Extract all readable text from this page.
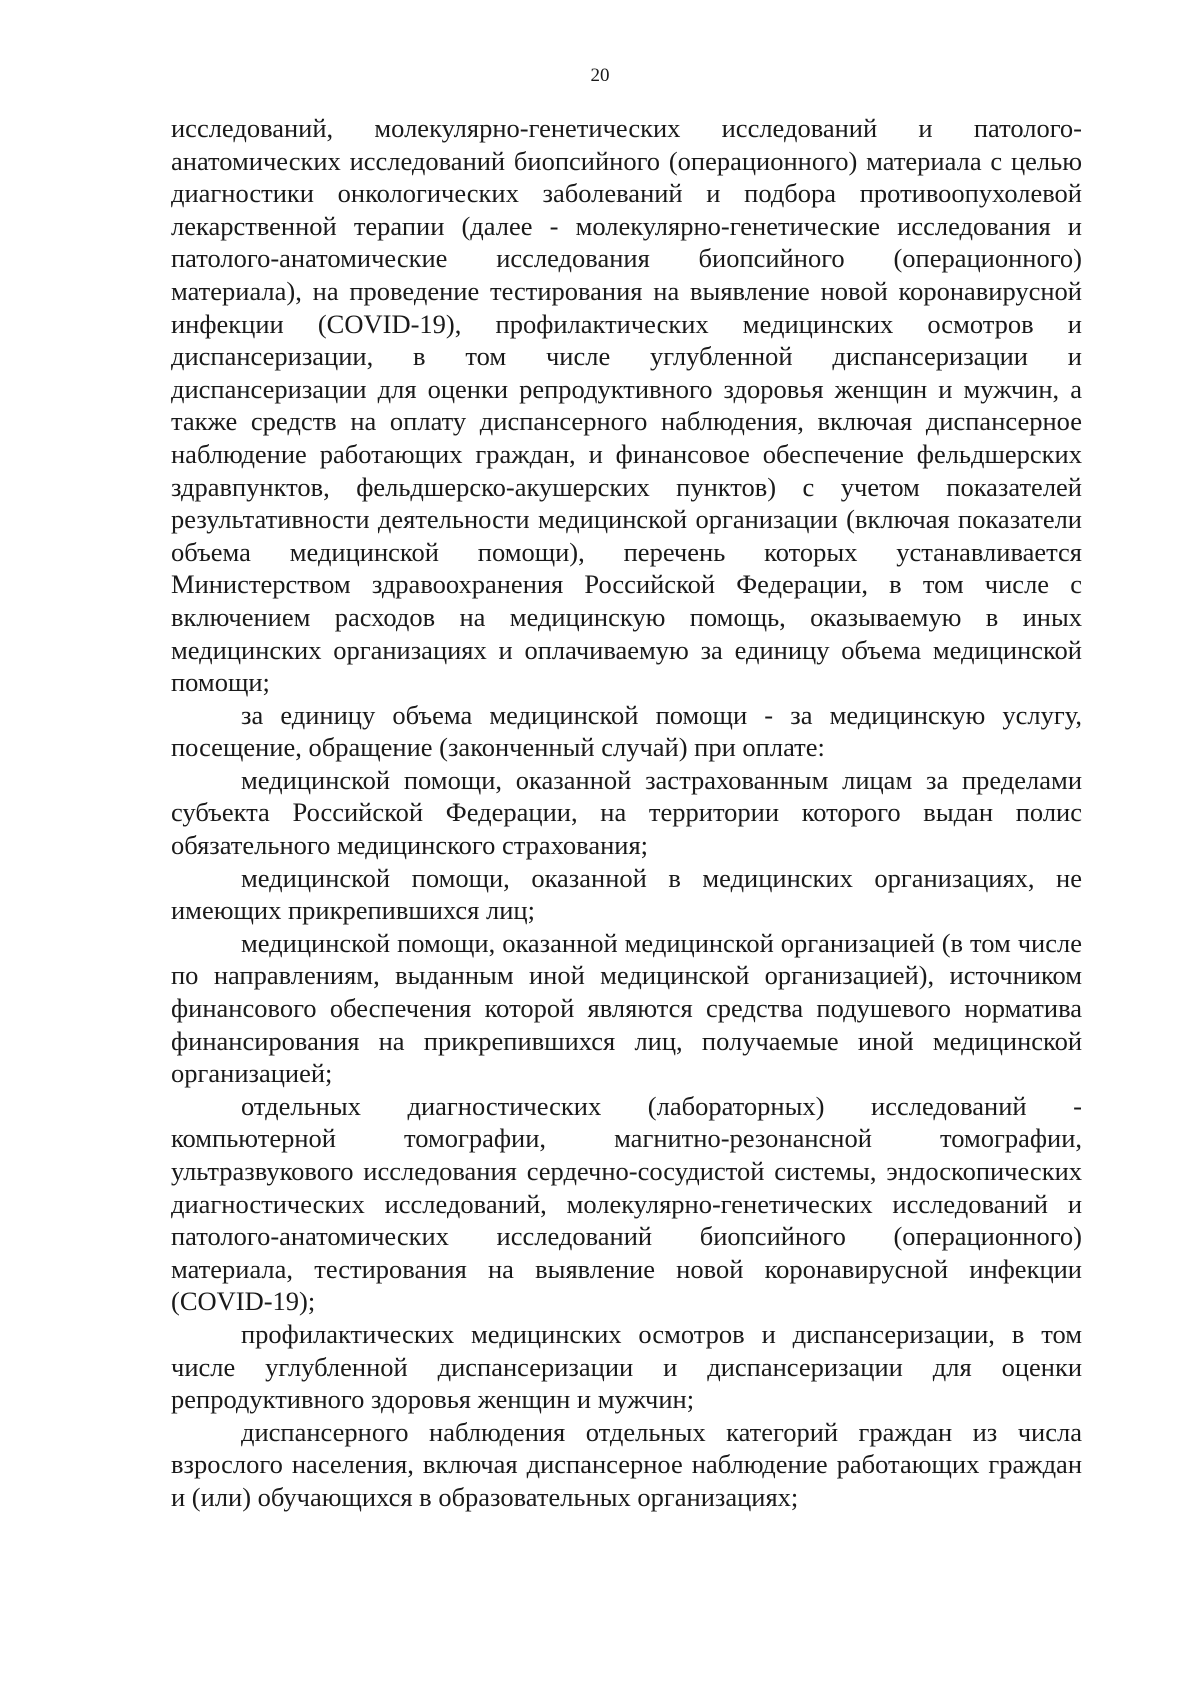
20

исследований, молекулярно-генетических исследований и патолого-анатомических исследований биопсийного (операционного) материала с целью диагностики онкологических заболеваний и подбора противоопухолевой лекарственной терапии (далее - молекулярно-генетические исследования и патолого-анатомические исследования биопсийного (операционного) материала), на проведение тестирования на выявление новой коронавирусной инфекции (COVID-19), профилактических медицинских осмотров и диспансеризации, в том числе углубленной диспансеризации и диспансеризации для оценки репродуктивного здоровья женщин и мужчин, а также средств на оплату диспансерного наблюдения, включая диспансерное наблюдение работающих граждан, и финансовое обеспечение фельдшерских здравпунктов, фельдшерско-акушерских пунктов) с учетом показателей результативности деятельности медицинской организации (включая показатели объема медицинской помощи), перечень которых устанавливается Министерством здравоохранения Российской Федерации, в том числе с включением расходов на медицинскую помощь, оказываемую в иных медицинских организациях и оплачиваемую за единицу объема медицинской помощи;

за единицу объема медицинской помощи - за медицинскую услугу, посещение, обращение (законченный случай) при оплате:

медицинской помощи, оказанной застрахованным лицам за пределами субъекта Российской Федерации, на территории которого выдан полис обязательного медицинского страхования;

медицинской помощи, оказанной в медицинских организациях, не имеющих прикрепившихся лиц;

медицинской помощи, оказанной медицинской организацией (в том числе по направлениям, выданным иной медицинской организацией), источником финансового обеспечения которой являются средства подушевого норматива финансирования на прикрепившихся лиц, получаемые иной медицинской организацией;

отдельных диагностических (лабораторных) исследований - компьютерной томографии, магнитно-резонансной томографии, ультразвукового исследования сердечно-сосудистой системы, эндоскопических диагностических исследований, молекулярно-генетических исследований и патолого-анатомических исследований биопсийного (операционного) материала, тестирования на выявление новой коронавирусной инфекции (COVID-19);

профилактических медицинских осмотров и диспансеризации, в том числе углубленной диспансеризации и диспансеризации для оценки репродуктивного здоровья женщин и мужчин;

диспансерного наблюдения отдельных категорий граждан из числа взрослого населения, включая диспансерное наблюдение работающих граждан и (или) обучающихся в образовательных организациях;
